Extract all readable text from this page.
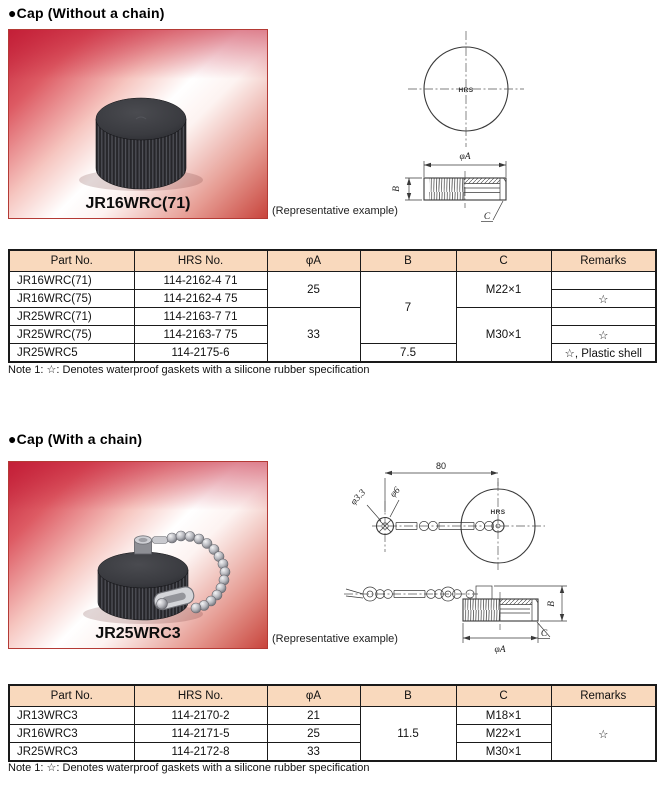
●Cap (Without a chain)
JR16WRC(71)	(Representative example)
HRS
φA
B
C
Part No.	HRS No.	φA	B	C	Remarks
JR16WRC(71)	114-2162-4 71	25	7	M22×1	
JR16WRC(75)	114-2162-4 75				☆
JR25WRC(71)	114-2163-7 71	33		M30×1	
JR25WRC(75)	114-2163-7 75				☆
JR25WRC5	114-2175-6		7.5		☆, Plastic shell
Note 1: ☆: Denotes waterproof gaskets with a silicone rubber specification
●Cap (With a chain)
JR25WRC3	(Representative example)
80
φ3.3 φ6
HRS
B
C
φA
Part No.	HRS No.	φA	B	C	Remarks
JR13WRC3	114-2170-2	21	11.5	M18×1	☆
JR16WRC3	114-2171-5	25		M22×1	
JR25WRC3	114-2172-8	33		M30×1	
Note 1: ☆: Denotes waterproof gaskets with a silicone rubber specification
